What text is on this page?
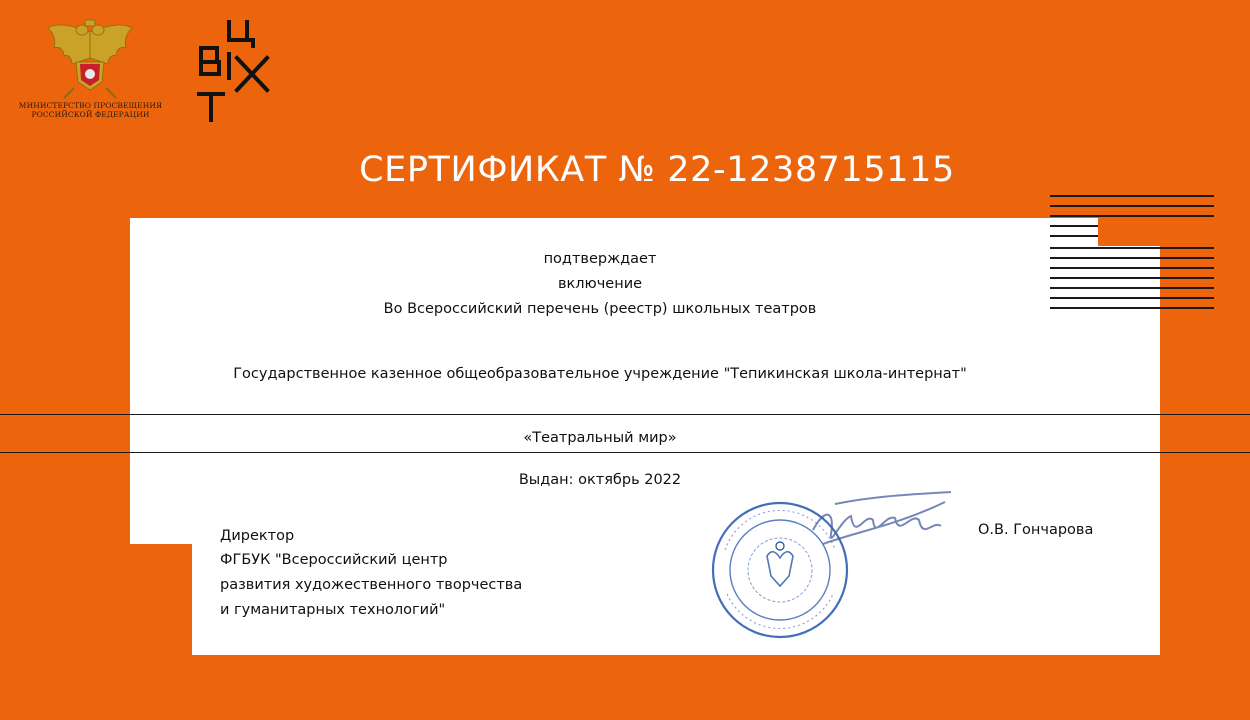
МИНИСТЕРСТВО ПРОСВЕЩЕНИЯ
РОССИЙСКОЙ ФЕДЕРАЦИИ
СЕРТИФИКАТ № 22-1238715115
подтверждает
включение
Во Всероссийский перечень (реестр) школьных театров
Государственное казенное общеобразовательное учреждение "Тепикинская школа-интернат"
«Театральный мир»
Выдан: октябрь 2022
Директор
ФГБУК "Всероссийский центр
развития художественного творчества
и гуманитарных технологий"
О.В. Гончарова
